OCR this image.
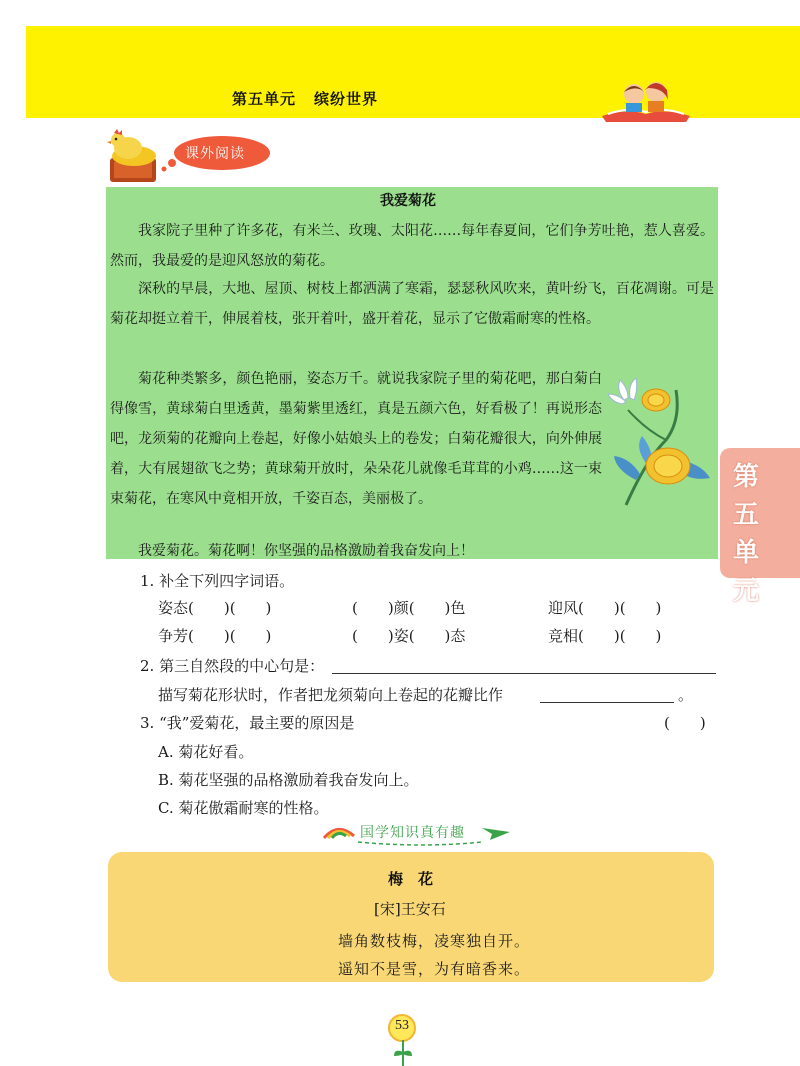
第五单元 缤纷世界
课外阅读
我爱菊花
我家院子里种了许多花，有米兰、玫瑰、太阳花……每年春夏间，它们争芳吐艳，惹人喜爱。然而，我最爱的是迎风怒放的菊花。
深秋的早晨，大地、屋顶、树枝上都洒满了寒霜，瑟瑟秋风吹来，黄叶纷飞，百花凋谢。可是菊花却挺立着干，伸展着枝，张开着叶，盛开着花，显示了它傲霜耐寒的性格。
菊花种类繁多，颜色艳丽，姿态万千。就说我家院子里的菊花吧，那白菊白得像雪，黄球菊白里透黄，墨菊紫里透红，真是五颜六色，好看极了！再说形态吧，龙须菊的花瓣向上卷起，好像小姑娘头上的卷发；白菊花瓣很大，向外伸展着，大有展翅欲飞之势；黄球菊开放时，朵朵花儿就像毛茸茸的小鸡……这一束束菊花，在寒风中竟相开放，千姿百态，美丽极了。
我爱菊花。菊花啊！你坚强的品格激励着我奋发向上！
第五单元
1. 补全下列四字词语。
姿态(　　)(　　)	(　　)颜(　　)色	迎风(　　)(　　)
争芳(　　)(　　)	(　　)姿(　　)态	竞相(　　)(　　)
2. 第三自然段的中心句是：
描写菊花形状时，作者把龙须菊向上卷起的花瓣比作	。
3. “我”爱菊花，最主要的原因是	(　　)
A. 菊花好看。
B. 菊花坚强的品格激励着我奋发向上。
C. 菊花傲霜耐寒的性格。
国学知识真有趣
梅　花
[宋]王安石
墙角数枝梅，凌寒独自开。
遥知不是雪，为有暗香来。
53
